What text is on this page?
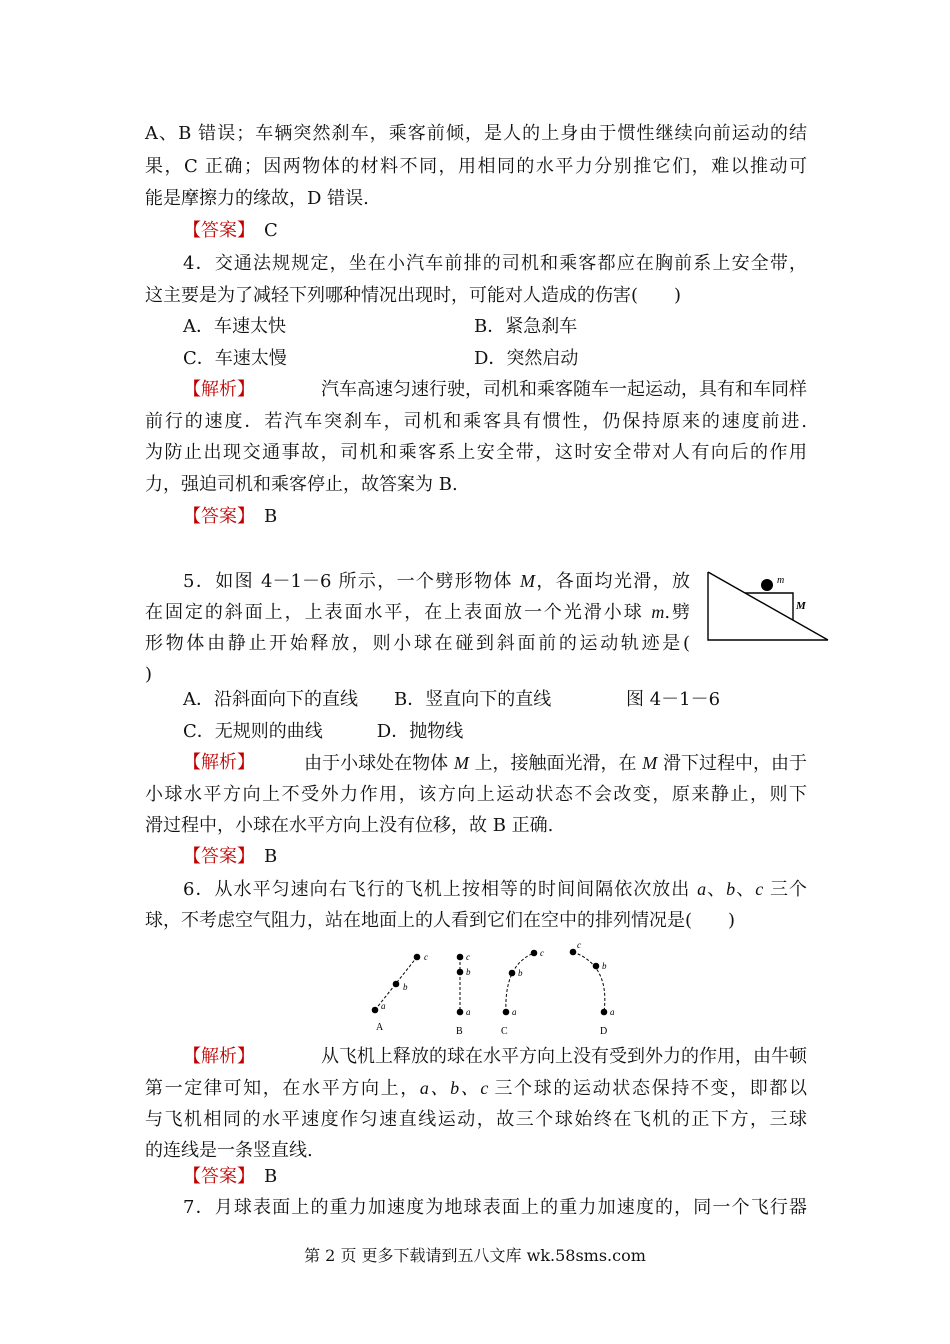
A、B 错误；车辆突然刹车，乘客前倾，是人的上身由于惯性继续向前运动的结
果，C 正确；因两物体的材料不同，用相同的水平力分别推它们，难以推动可
能是摩擦力的缘故，D 错误.
【答案】　 C
4．交通法规规定，坐在小汽车前排的司机和乘客都应在胸前系上安全带，
这主要是为了减轻下列哪种情况出现时，可能对人造成的伤害(　　)
A．车速太快	B．紧急刹车
C．车速太慢	D．突然启动
【解析】	汽车高速匀速行驶，司机和乘客随车一起运动，具有和车同样
前行的速度．若汽车突刹车，司机和乘客具有惯性，仍保持原来的速度前进.
为防止出现交通事故，司机和乘客系上安全带，这时安全带对人有向后的作用
力，强迫司机和乘客停止，故答案为 B.
【答案】　 B
5．如图 4－1－6 所示，一个劈形物体 M，各面均光滑，放
在固定的斜面上，上表面水平，在上表面放一个光滑小球 m.劈
形物体由静止开始释放，则小球在碰到斜面前的运动轨迹是(
)
m
M
A．沿斜面向下的直线　　B．竖直向下的直线	图 4－1－6
C．无规则的曲线　　　D．抛物线
【解析】	由于小球处在物体 M 上，接触面光滑，在 M 滑下过程中，由于
小球水平方向上不受外力作用，该方向上运动状态不会改变，原来静止，则下
滑过程中，小球在水平方向上没有位移，故 B 正确.
【答案】　 B
6．从水平匀速向右飞行的飞机上按相等的时间间隔依次放出 a、b、c 三个
球，不考虑空气阻力，站在地面上的人看到它们在空中的排列情况是(　　)
a
b
c
A
a
b
c
B
a
b
c
C
a
b
c
D
【解析】	从飞机上释放的球在水平方向上没有受到外力的作用，由牛顿
第一定律可知，在水平方向上，a、b、c 三个球的运动状态保持不变，即都以
与飞机相同的水平速度作匀速直线运动，故三个球始终在飞机的正下方，三球
的连线是一条竖直线.
【答案】　 B
7．月球表面上的重力加速度为地球表面上的重力加速度的，同一个飞行器
第 2 页 更多下载请到五八文库 wk.58sms.com
